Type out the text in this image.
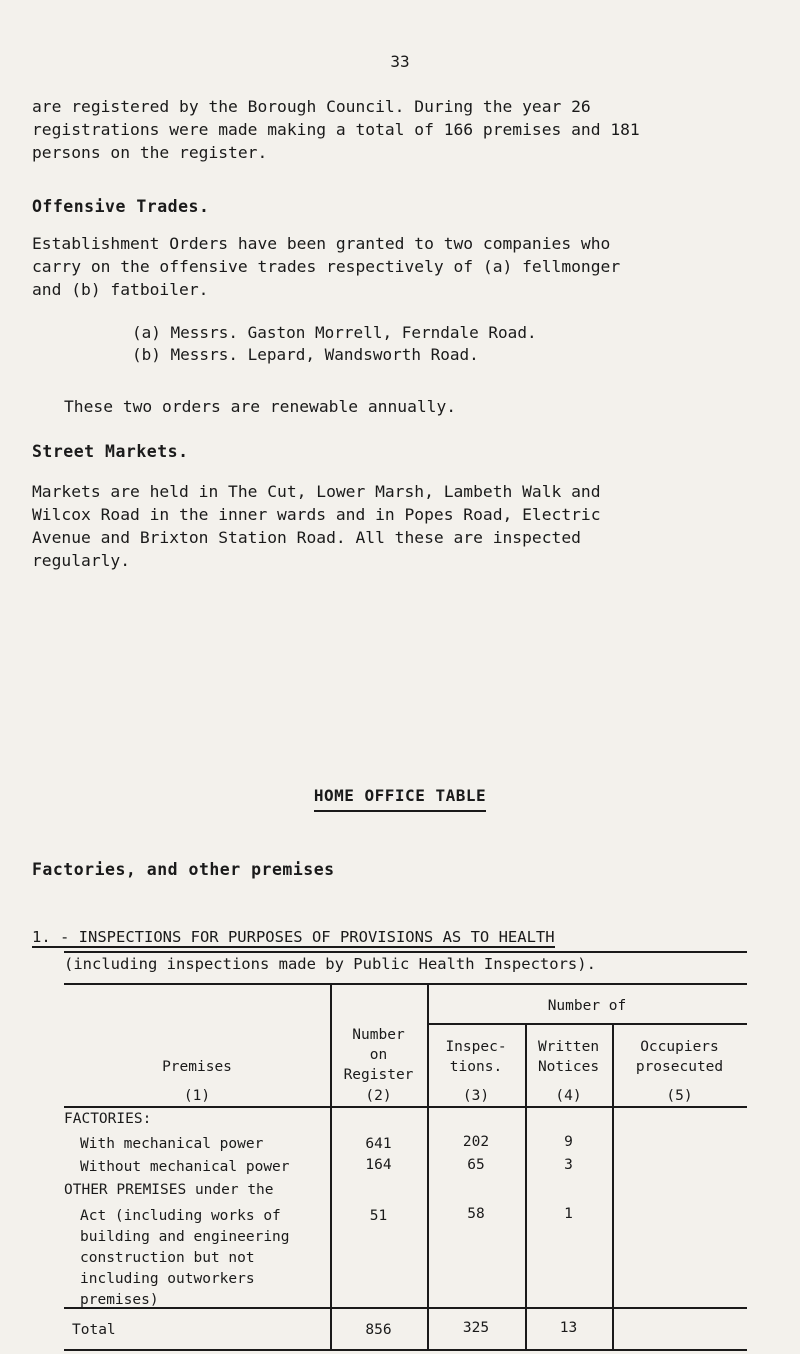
33
are registered by the Borough Council. During the year 26
registrations were made making a total of 166 premises and 181
persons on the register.
Offensive Trades.
Establishment Orders have been granted to two companies who
carry on the offensive trades respectively of (a) fellmonger
and (b) fatboiler.
(a) Messrs. Gaston Morrell, Ferndale Road.
(b) Messrs. Lepard, Wandsworth Road.
These two orders are renewable annually.
Street Markets.
Markets are held in The Cut, Lower Marsh, Lambeth Walk and
Wilcox Road in the inner wards and in Popes Road, Electric
Avenue and Brixton Station Road. All these are inspected
regularly.
HOME OFFICE TABLE
Factories, and other premises
1. - INSPECTIONS FOR PURPOSES OF PROVISIONS AS TO HEALTH
(including inspections made by Public Health Inspectors).
Premises
(1)
Number
on
Register
(2)
Number of
Inspec-
tions.
(3)
Written
Notices
(4)
Occupiers
prosecuted
(5)
FACTORIES:
With mechanical power	641	202	9
Without mechanical power	164	65	3
OTHER PREMISES under the
Act (including works of
building and engineering
construction but not
including outworkers
premises)
51	58	1
Total	856	325	13
